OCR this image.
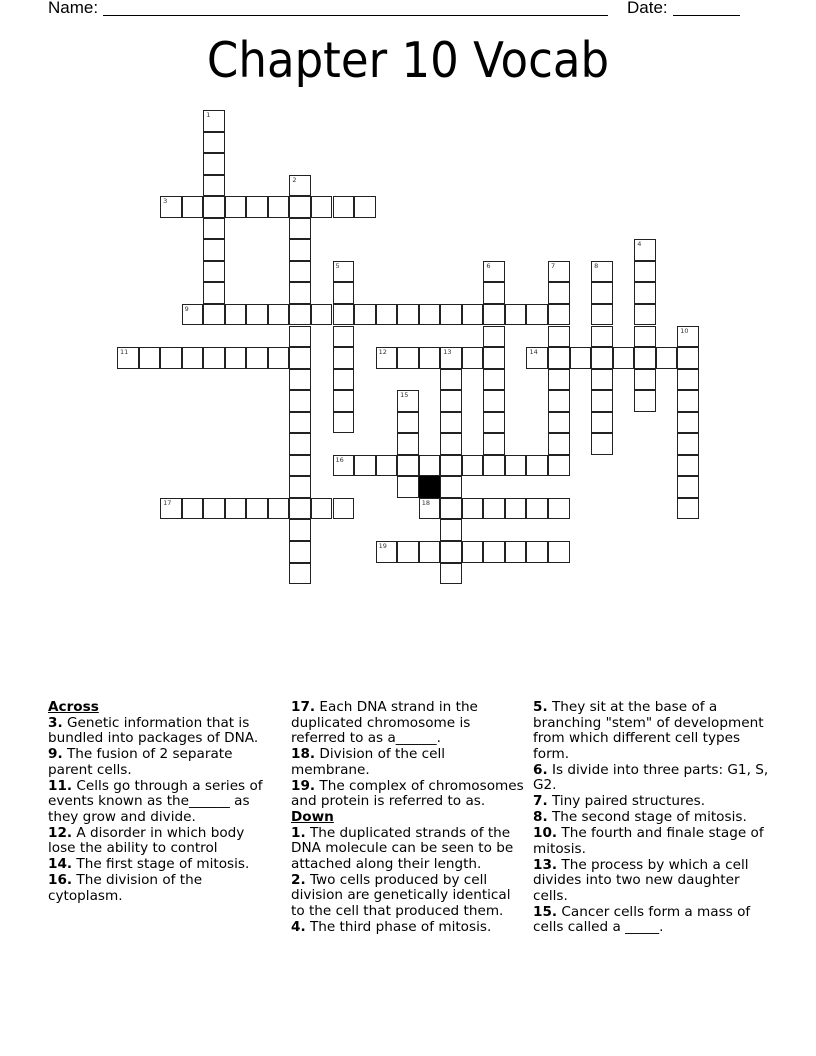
Name:	Date:
Chapter 10 Vocab
1
2
3
4
5	6	7	8
9
10
11	12	13	14
15
16
17	18
19
Across
3. Genetic information that is bundled into packages of DNA.
9. The fusion of 2 separate parent cells.
11. Cells go through a series of events known as the______ as they grow and divide.
12. A disorder in which body lose the ability to control
14. The first stage of mitosis.
16. The division of the cytoplasm.
17. Each DNA strand in the duplicated chromosome is referred to as a______.
18. Division of the cell membrane.
19. The complex of chromosomes and protein is referred to as.
Down
1. The duplicated strands of the DNA molecule can be seen to be attached along their length.
2. Two cells produced by cell division are genetically identical to the cell that produced them.
4. The third phase of mitosis.
5. They sit at the base of a branching "stem" of development from which different cell types form.
6. Is divide into three parts: G1, S, G2.
7. Tiny paired structures.
8. The second stage of mitosis.
10. The fourth and finale stage of mitosis.
13. The process by which a cell divides into two new daughter cells.
15. Cancer cells form a mass of cells called a _____.
